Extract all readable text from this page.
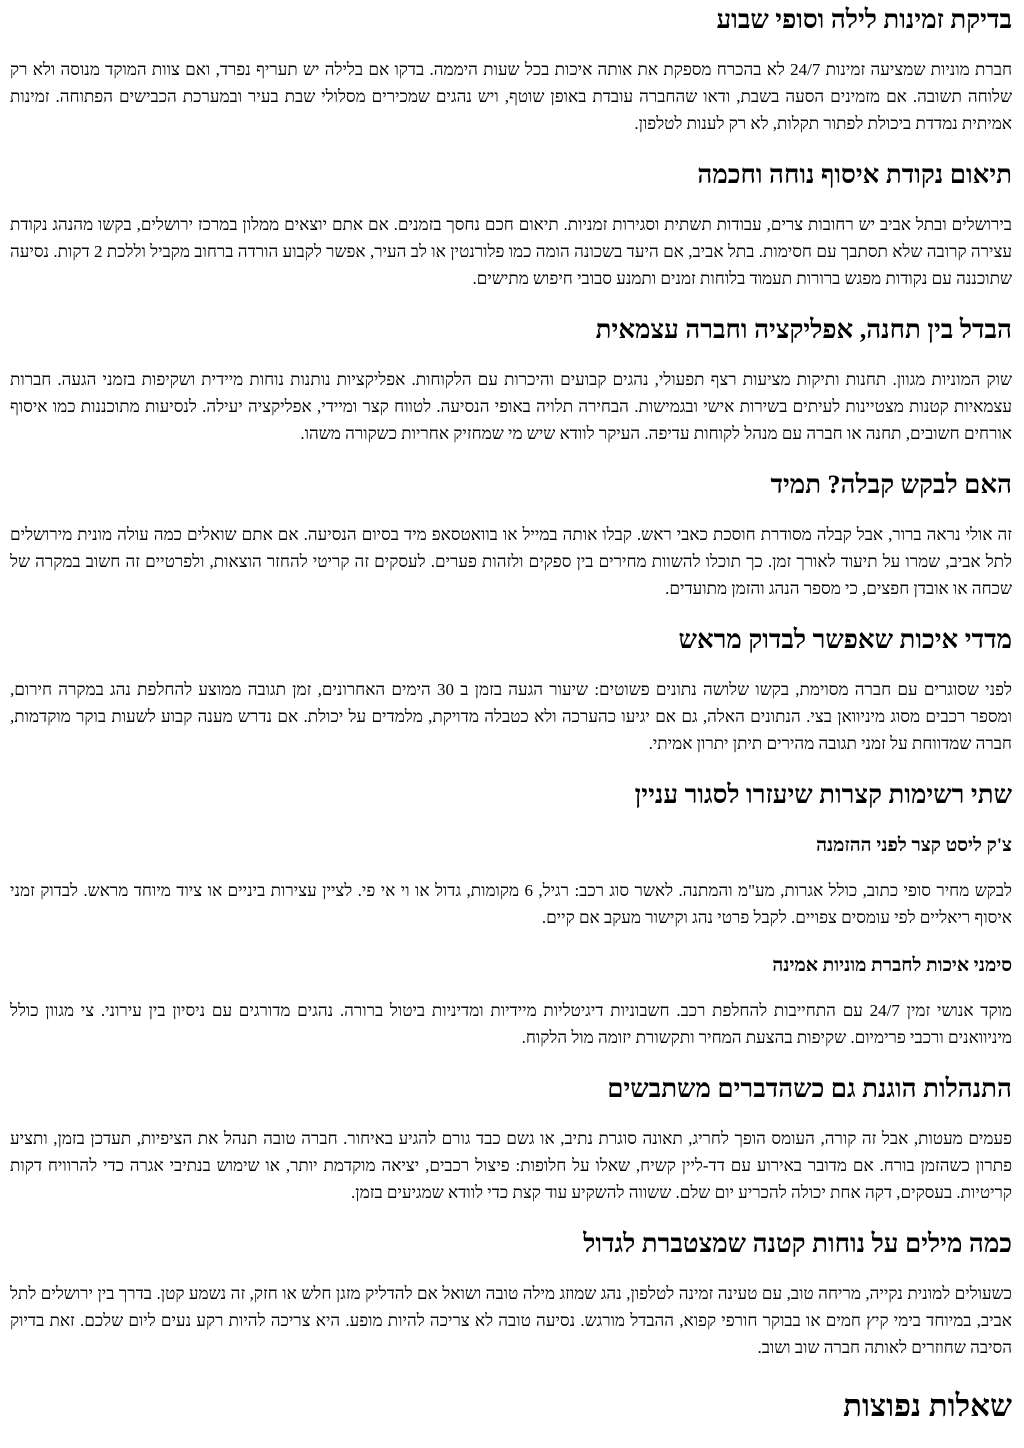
בדיקת זמינות לילה וסופי שבוע

חברת מוניות שמציעה זמינות 24/7 לא בהכרח מספקת את אותה איכות בכל שעות היממה. בדקו אם בלילה יש תעריף נפרד, ואם צוות המוקד מנוסה ולא רק שלוחה תשובה. אם מזמינים הסעה בשבת, ודאו שהחברה עובדת באופן שוטף, ויש נהגים שמכירים מסלולי שבת בעיר ובמערכת הכבישים הפתוחה. זמינות אמיתית נמדדת ביכולת לפתור תקלות, לא רק לענות לטלפון.

תיאום נקודת איסוף נוחה וחכמה

בירושלים ובתל אביב יש רחובות צרים, עבודות תשתית וסגירות זמניות. תיאום חכם נחסך בזמנים. אם אתם יוצאים ממלון במרכז ירושלים, בקשו מהנהג נקודת עצירה קרובה שלא תסתבך עם חסימות. בתל אביב, אם היעד בשכונה הומה כמו פלורנטין או לב העיר, אפשר לקבוע הורדה ברחוב מקביל וללכת 2 דקות. נסיעה שתוכננה עם נקודות מפגש ברורות תעמוד בלוחות זמנים ותמנע סבובי חיפוש מתישים.

הבדל בין תחנה, אפליקציה וחברה עצמאית

שוק המוניות מגוון. תחנות ותיקות מציעות רצף תפעולי, נהגים קבועים והיכרות עם הלקוחות. אפליקציות נותנות נוחות מיידית ושקיפות בזמני הגעה. חברות עצמאיות קטנות מצטיינות לעיתים בשירות אישי ובגמישות. הבחירה תלויה באופי הנסיעה. לטווח קצר ומיידי, אפליקציה יעילה. לנסיעות מתוכננות כמו איסוף אורחים חשובים, תחנה או חברה עם מנהל לקוחות עדיפה. העיקר לוודא שיש מי שמחזיק אחריות כשקורה משהו.

האם לבקש קבלה? תמיד

זה אולי נראה ברור, אבל קבלה מסודרת חוסכת כאבי ראש. קבלו אותה במייל או בוואטסאפ מיד בסיום הנסיעה. אם אתם שואלים כמה עולה מונית מירושלים לתל אביב, שמרו על תיעוד לאורך זמן. כך תוכלו להשוות מחירים בין ספקים ולזהות פערים. לעסקים זה קריטי להחזר הוצאות, ולפרטיים זה חשוב במקרה של שכחה או אובדן חפצים, כי מספר הנהג והזמן מתועדים.

מדדי איכות שאפשר לבדוק מראש

לפני שסוגרים עם חברה מסוימת, בקשו שלושה נתונים פשוטים: שיעור הגעה בזמן ב 30 הימים האחרונים, זמן תגובה ממוצע להחלפת נהג במקרה חירום, ומספר רכבים מסוג מיניוואן בצי. הנתונים האלה, גם אם יגיעו כהערכה ולא כטבלה מדויקת, מלמדים על יכולת. אם נדרש מענה קבוע לשעות בוקר מוקדמות, חברה שמדווחת על זמני תגובה מהירים תיתן יתרון אמיתי.

שתי רשימות קצרות שיעזרו לסגור עניין
צ'ק ליסט קצר לפני ההזמנה

לבקש מחיר סופי כתוב, כולל אגרות, מע"מ והמתנה. לאשר סוג רכב: רגיל, 6 מקומות, גדול או וי אי פי. לציין עצירות ביניים או ציוד מיוחד מראש. לבדוק זמני איסוף ריאליים לפי עומסים צפויים. לקבל פרטי נהג וקישור מעקב אם קיים.

סימני איכות לחברת מוניות אמינה

מוקד אנושי זמין 24/7 עם התחייבות להחלפת רכב. חשבוניות דיגיטליות מיידיות ומדיניות ביטול ברורה. נהגים מדורגים עם ניסיון בין עירוני. צי מגוון כולל מיניוואנים ורכבי פרימיום. שקיפות בהצעת המחיר ותקשורת יזומה מול הלקוח.

התנהלות הוגנת גם כשהדברים משתבשים

פעמים מעטות, אבל זה קורה, העומס הופך לחריג, תאונה סוגרת נתיב, או גשם כבד גורם להגיע באיחור. חברה טובה תנהל את הציפיות, תעדכן בזמן, ותציע פתרון כשהזמן בורח. אם מדובר באירוע עם דד-ליין קשיח, שאלו על חלופות: פיצול רכבים, יציאה מוקדמת יותר, או שימוש בנתיבי אגרה כדי להרוויח דקות קריטיות. בעסקים, דקה אחת יכולה להכריע יום שלם. ששווה להשקיע עוד קצת כדי לוודא שמגיעים בזמן.

כמה מילים על נוחות קטנה שמצטברת לגדול

כשעולים למונית נקייה, מריחה טוב, עם טעינה זמינה לטלפון, נהג שמוזג מילה טובה ושואל אם להדליק מזגן חלש או חזק, זה נשמע קטן. בדרך בין ירושלים לתל אביב, במיוחד בימי קיץ חמים או בבוקר חורפי קפוא, ההבדל מורגש. נסיעה טובה לא צריכה להיות מופע. היא צריכה להיות רקע נעים ליום שלכם. זאת בדיוק הסיבה שחוזרים לאותה חברה שוב ושוב.

שאלות נפוצות
